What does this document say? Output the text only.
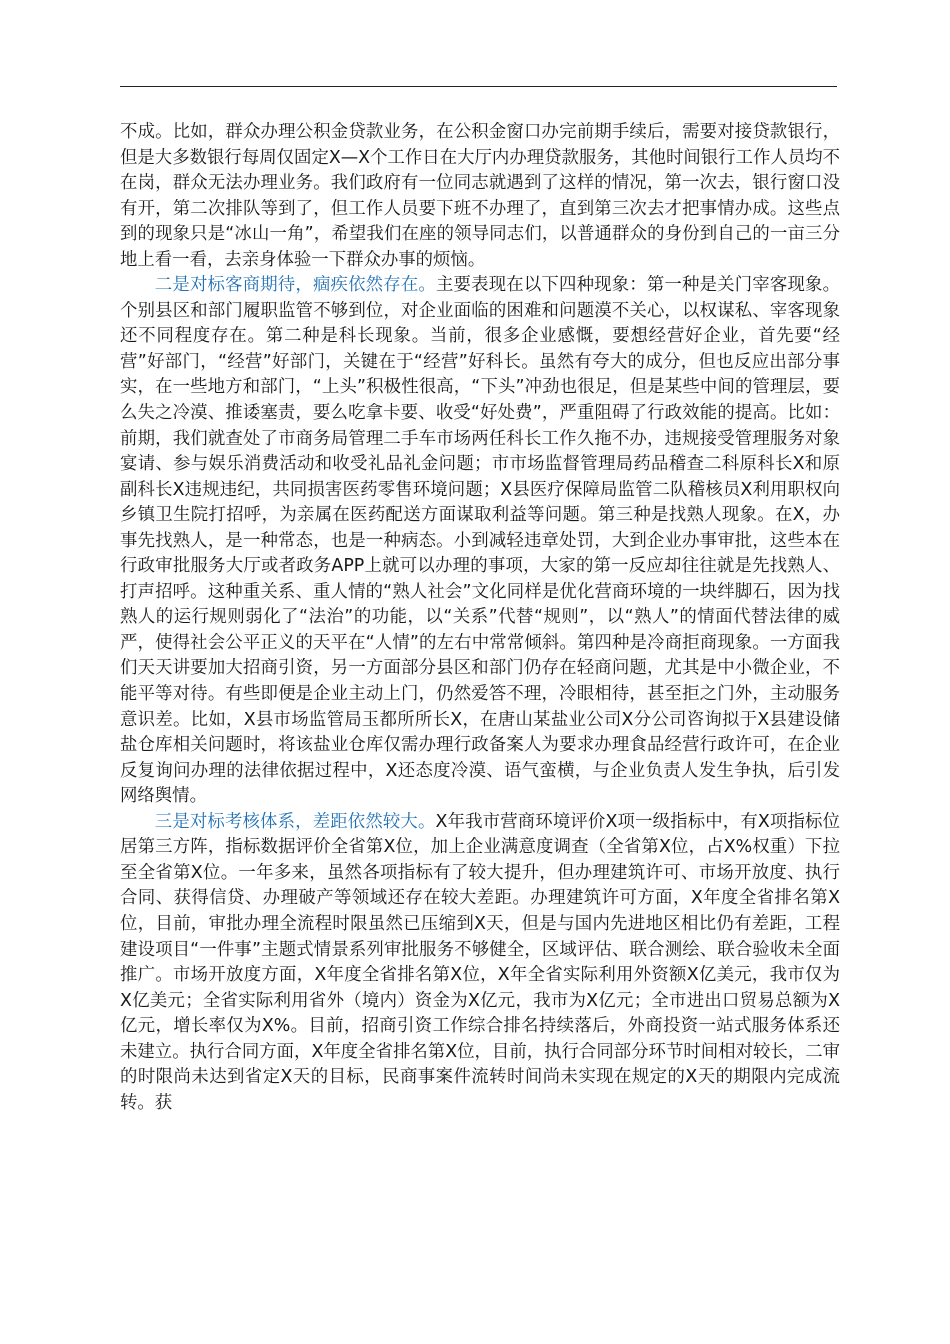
不成。比如，群众办理公积金贷款业务，在公积金窗口办完前期手续后，需要对接贷款银行，但是大多数银行每周仅固定X—X个工作日在大厅内办理贷款服务，其他时间银行工作人员均不在岗，群众无法办理业务。我们政府有一位同志就遇到了这样的情况，第一次去，银行窗口没有开，第二次排队等到了，但工作人员要下班不办理了，直到第三次去才把事情办成。这些点到的现象只是“冰山一角”，希望我们在座的领导同志们，以普通群众的身份到自己的一亩三分地上看一看，去亲身体验一下群众办事的烦恼。

二是对标客商期待，痼疾依然存在。主要表现在以下四种现象：第一种是关门宰客现象。个别县区和部门履职监管不够到位，对企业面临的困难和问题漠不关心，以权谋私、宰客现象还不同程度存在。第二种是科长现象。当前，很多企业感慨，要想经营好企业，首先要“经营”好部门，“经营”好部门，关键在于“经营”好科长。虽然有夸大的成分，但也反应出部分事实，在一些地方和部门，“上头”积极性很高，“下头”冲劲也很足，但是某些中间的管理层，要么失之冷漠、推诿塞责，要么吃拿卡要、收受“好处费”，严重阻碍了行政效能的提高。比如：前期，我们就查处了市商务局管理二手车市场两任科长工作久拖不办，违规接受管理服务对象宴请、参与娱乐消费活动和收受礼品礼金问题；市市场监督管理局药品稽查二科原科长X和原副科长X违规违纪，共同损害医药零售环境问题；X县医疗保障局监管二队稽核员X利用职权向乡镇卫生院打招呼，为亲属在医药配送方面谋取利益等问题。第三种是找熟人现象。在X，办事先找熟人，是一种常态，也是一种病态。小到减轻违章处罚，大到企业办事审批，这些本在行政审批服务大厅或者政务APP上就可以办理的事项，大家的第一反应却往往就是先找熟人、打声招呼。这种重关系、重人情的“熟人社会”文化同样是优化营商环境的一块绊脚石，因为找熟人的运行规则弱化了“法治”的功能，以“关系”代替“规则”，以“熟人”的情面代替法律的威严，使得社会公平正义的天平在“人情”的左右中常常倾斜。第四种是冷商拒商现象。一方面我们天天讲要加大招商引资，另一方面部分县区和部门仍存在轻商问题，尤其是中小微企业，不能平等对待。有些即便是企业主动上门，仍然爱答不理，冷眼相待，甚至拒之门外，主动服务意识差。比如，X县市场监管局玉都所所长X，在唐山某盐业公司X分公司咨询拟于X县建设储盐仓库相关问题时，将该盐业仓库仅需办理行政备案人为要求办理食品经营行政许可，在企业反复询问办理的法律依据过程中，X还态度冷漠、语气蛮横，与企业负责人发生争执，后引发网络舆情。

三是对标考核体系，差距依然较大。X年我市营商环境评价X项一级指标中，有X项指标位居第三方阵，指标数据评价全省第X位，加上企业满意度调查（全省第X位，占X%权重）下拉至全省第X位。一年多来，虽然各项指标有了较大提升，但办理建筑许可、市场开放度、执行合同、获得信贷、办理破产等领域还存在较大差距。办理建筑许可方面，X年度全省排名第X位，目前，审批办理全流程时限虽然已压缩到X天，但是与国内先进地区相比仍有差距，工程建设项目“一件事”主题式情景系列审批服务不够健全，区域评估、联合测绘、联合验收未全面推广。市场开放度方面，X年度全省排名第X位，X年全省实际利用外资额X亿美元，我市仅为X亿美元；全省实际利用省外（境内）资金为X亿元，我市为X亿元；全市进出口贸易总额为X亿元，增长率仅为X%。目前，招商引资工作综合排名持续落后，外商投资一站式服务体系还未建立。执行合同方面，X年度全省排名第X位，目前，执行合同部分环节时间相对较长，二审的时限尚未达到省定X天的目标，民商事案件流转时间尚未实现在规定的X天的期限内完成流转。获
